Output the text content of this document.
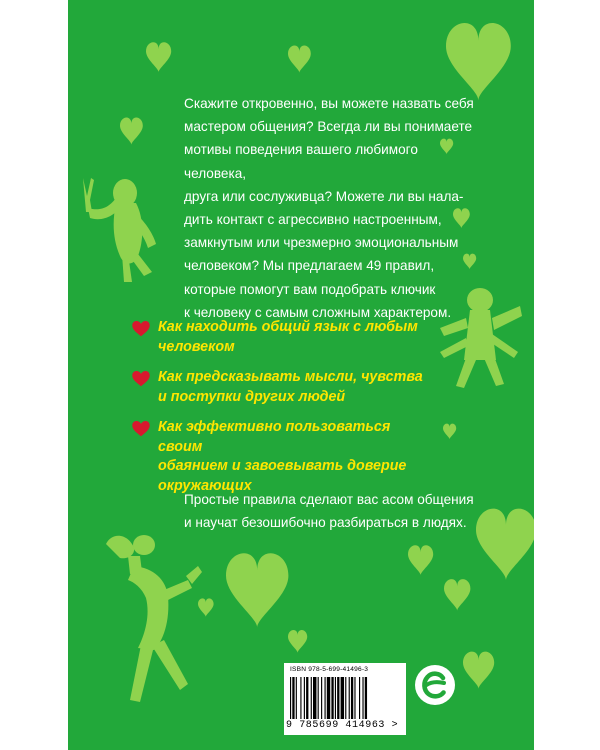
Скажите откровенно, вы можете назвать себя
мастером общения? Всегда ли вы понимаете
мотивы поведения вашего любимого человека,
друга или сослуживца? Можете ли вы нала-
дить контакт с агрессивно настроенным,
замкнутым или чрезмерно эмоциональным
человеком? Мы предлагаем 49 правил,
которые помогут вам подобрать ключик
к человеку с самым сложным характером.

Как находить общий язык с любым
человеком
Как предсказывать мысли, чувства
и поступки других людей
Как эффективно пользоваться своим
обаянием и завоевывать доверие
окружающих

Простые правила сделают вас асом общения
и научат безошибочно разбираться в людях.

ISBN 978-5-699-41496-3
9 785699 414963 >
